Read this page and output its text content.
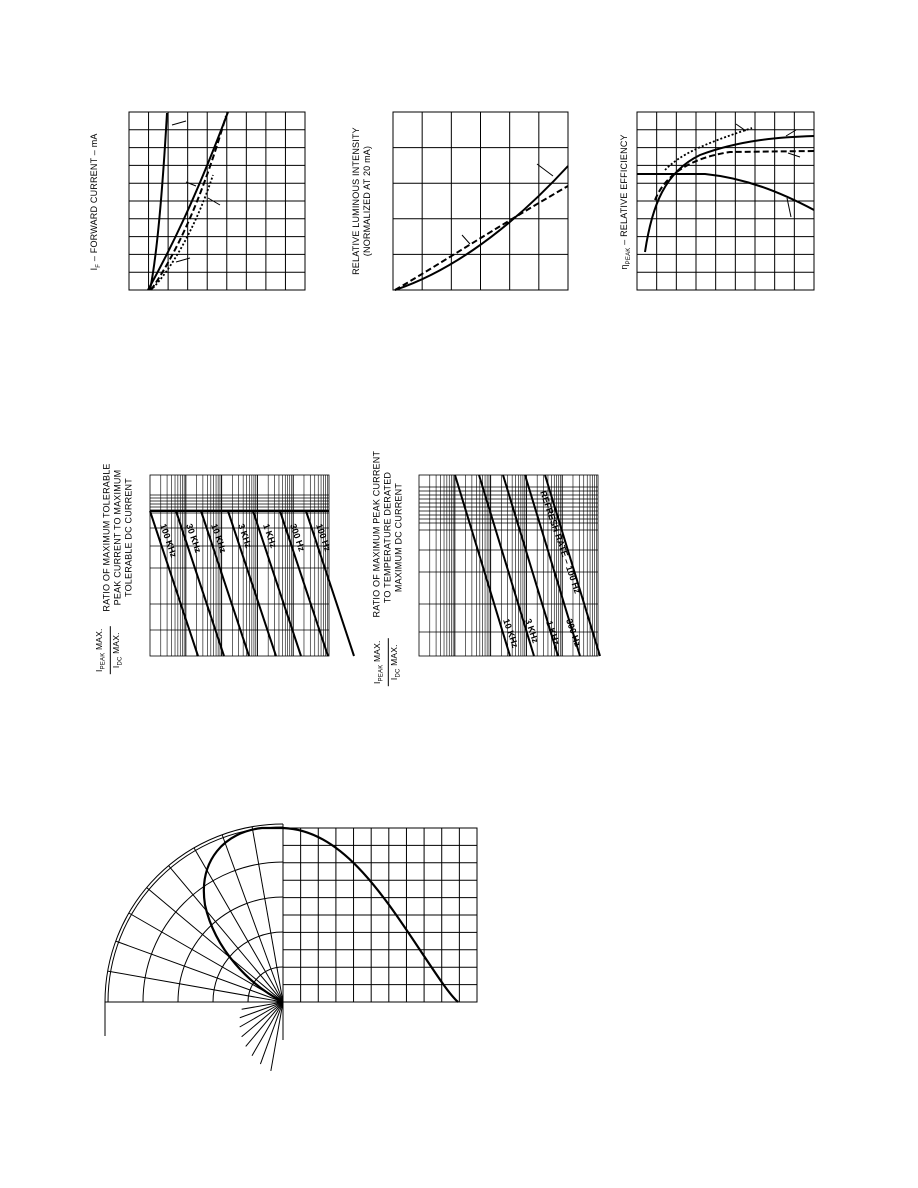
$I_F$ – FORWARD CURRENT – mA	RELATIVE LUMINOUS INTENSITY (NORMALIZED AT 20 mA)
$\eta_{PEAK}$ – RELATIVE EFFICIENCY
RATIO OF MAXIMUM TOLERABLE PEAK CURRENT TO MAXIMUM TOLERABLE DC CURRENT
$I_{PEAK}$ MAX.
$I_{DC}$ MAX.
100 KHz 30 KHz 10 KHz 3 KHz 1 KHz 300 Hz 100 Hz	RATIO OF MAXIMUM PEAK CURRENT TO TEMPERATURE DERATED MAXIMUM DC CURRENT
$I_{PEAK}$ MAX.
$I_{DC}$ MAX.
REFRESH RATE – 100 Hz
10 KHz 3 KHz 1 KHz 300 Hz
